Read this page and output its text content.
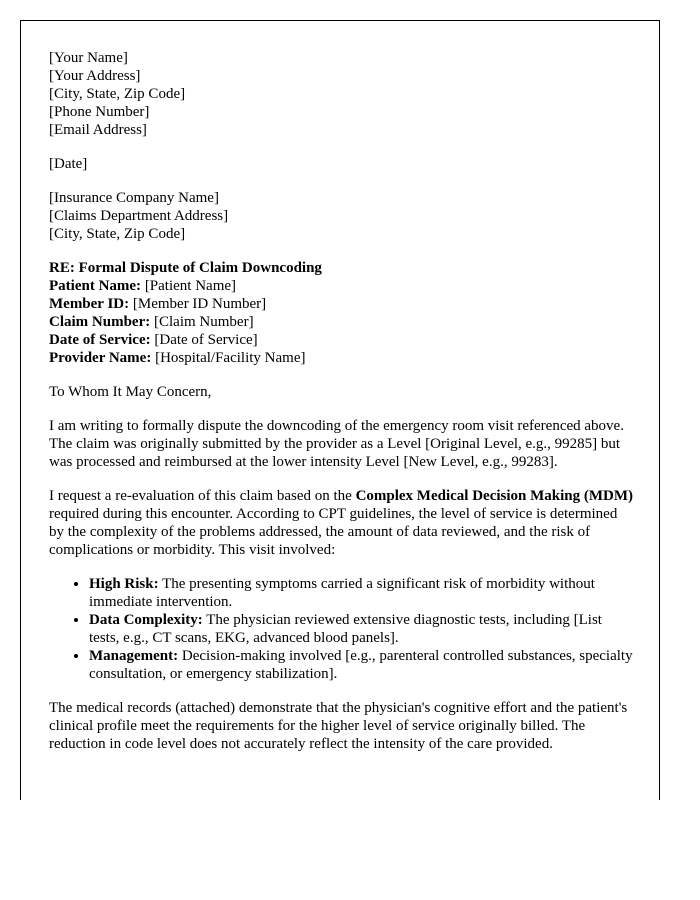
[Your Name]
[Your Address]
[City, State, Zip Code]
[Phone Number]
[Email Address]
[Date]
[Insurance Company Name]
[Claims Department Address]
[City, State, Zip Code]
RE: Formal Dispute of Claim Downcoding
Patient Name: [Patient Name]
Member ID: [Member ID Number]
Claim Number: [Claim Number]
Date of Service: [Date of Service]
Provider Name: [Hospital/Facility Name]

To Whom It May Concern,

I am writing to formally dispute the downcoding of the emergency room visit referenced above. The claim was originally submitted by the provider as a Level [Original Level, e.g., 99285] but was processed and reimbursed at the lower intensity Level [New Level, e.g., 99283].

I request a re-evaluation of this claim based on the Complex Medical Decision Making (MDM) required during this encounter. According to CPT guidelines, the level of service is determined by the complexity of the problems addressed, the amount of data reviewed, and the risk of complications or morbidity. This visit involved:

• High Risk: The presenting symptoms carried a significant risk of morbidity without immediate intervention.
• Data Complexity: The physician reviewed extensive diagnostic tests, including [List tests, e.g., CT scans, EKG, advanced blood panels].
• Management: Decision-making involved [e.g., parenteral controlled substances, specialty consultation, or emergency stabilization].

The medical records (attached) demonstrate that the physician's cognitive effort and the patient's clinical profile meet the requirements for the higher level of service originally billed. The reduction in code level does not accurately reflect the intensity of the care provided.
